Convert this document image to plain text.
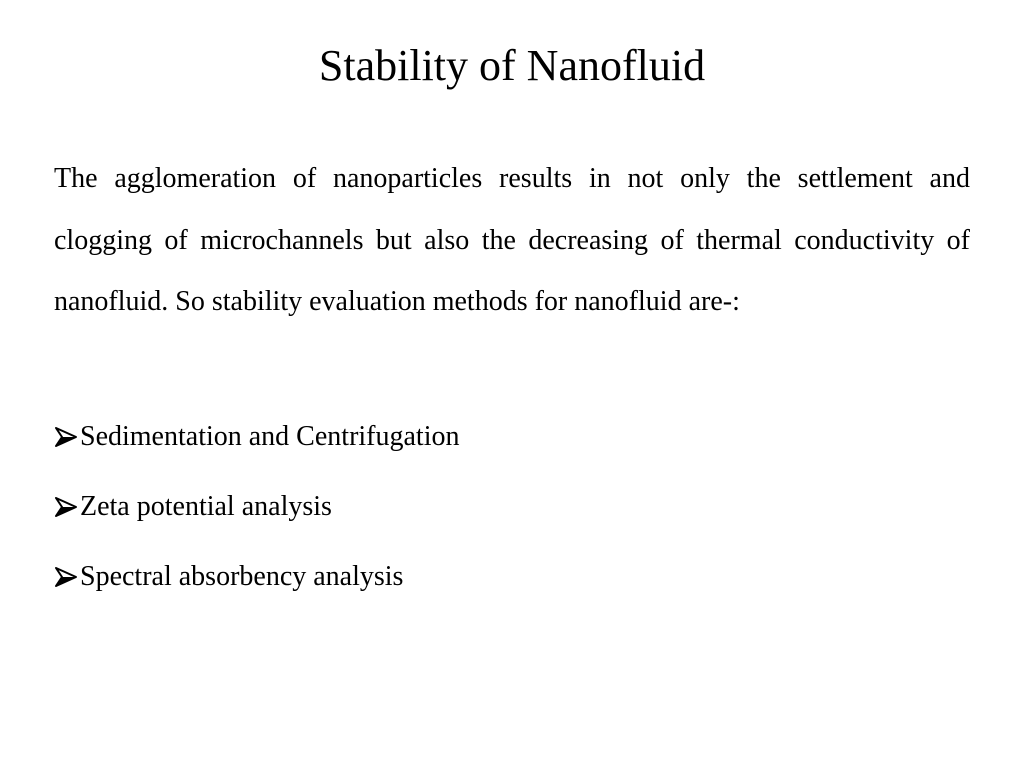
Stability of Nanofluid

The agglomeration of nanoparticles results in not only the settlement and clogging of microchannels but also the decreasing of thermal conductivity of nanofluid. So stability evaluation methods for nanofluid are-:

Sedimentation and Centrifugation
Zeta potential analysis
Spectral absorbency analysis
